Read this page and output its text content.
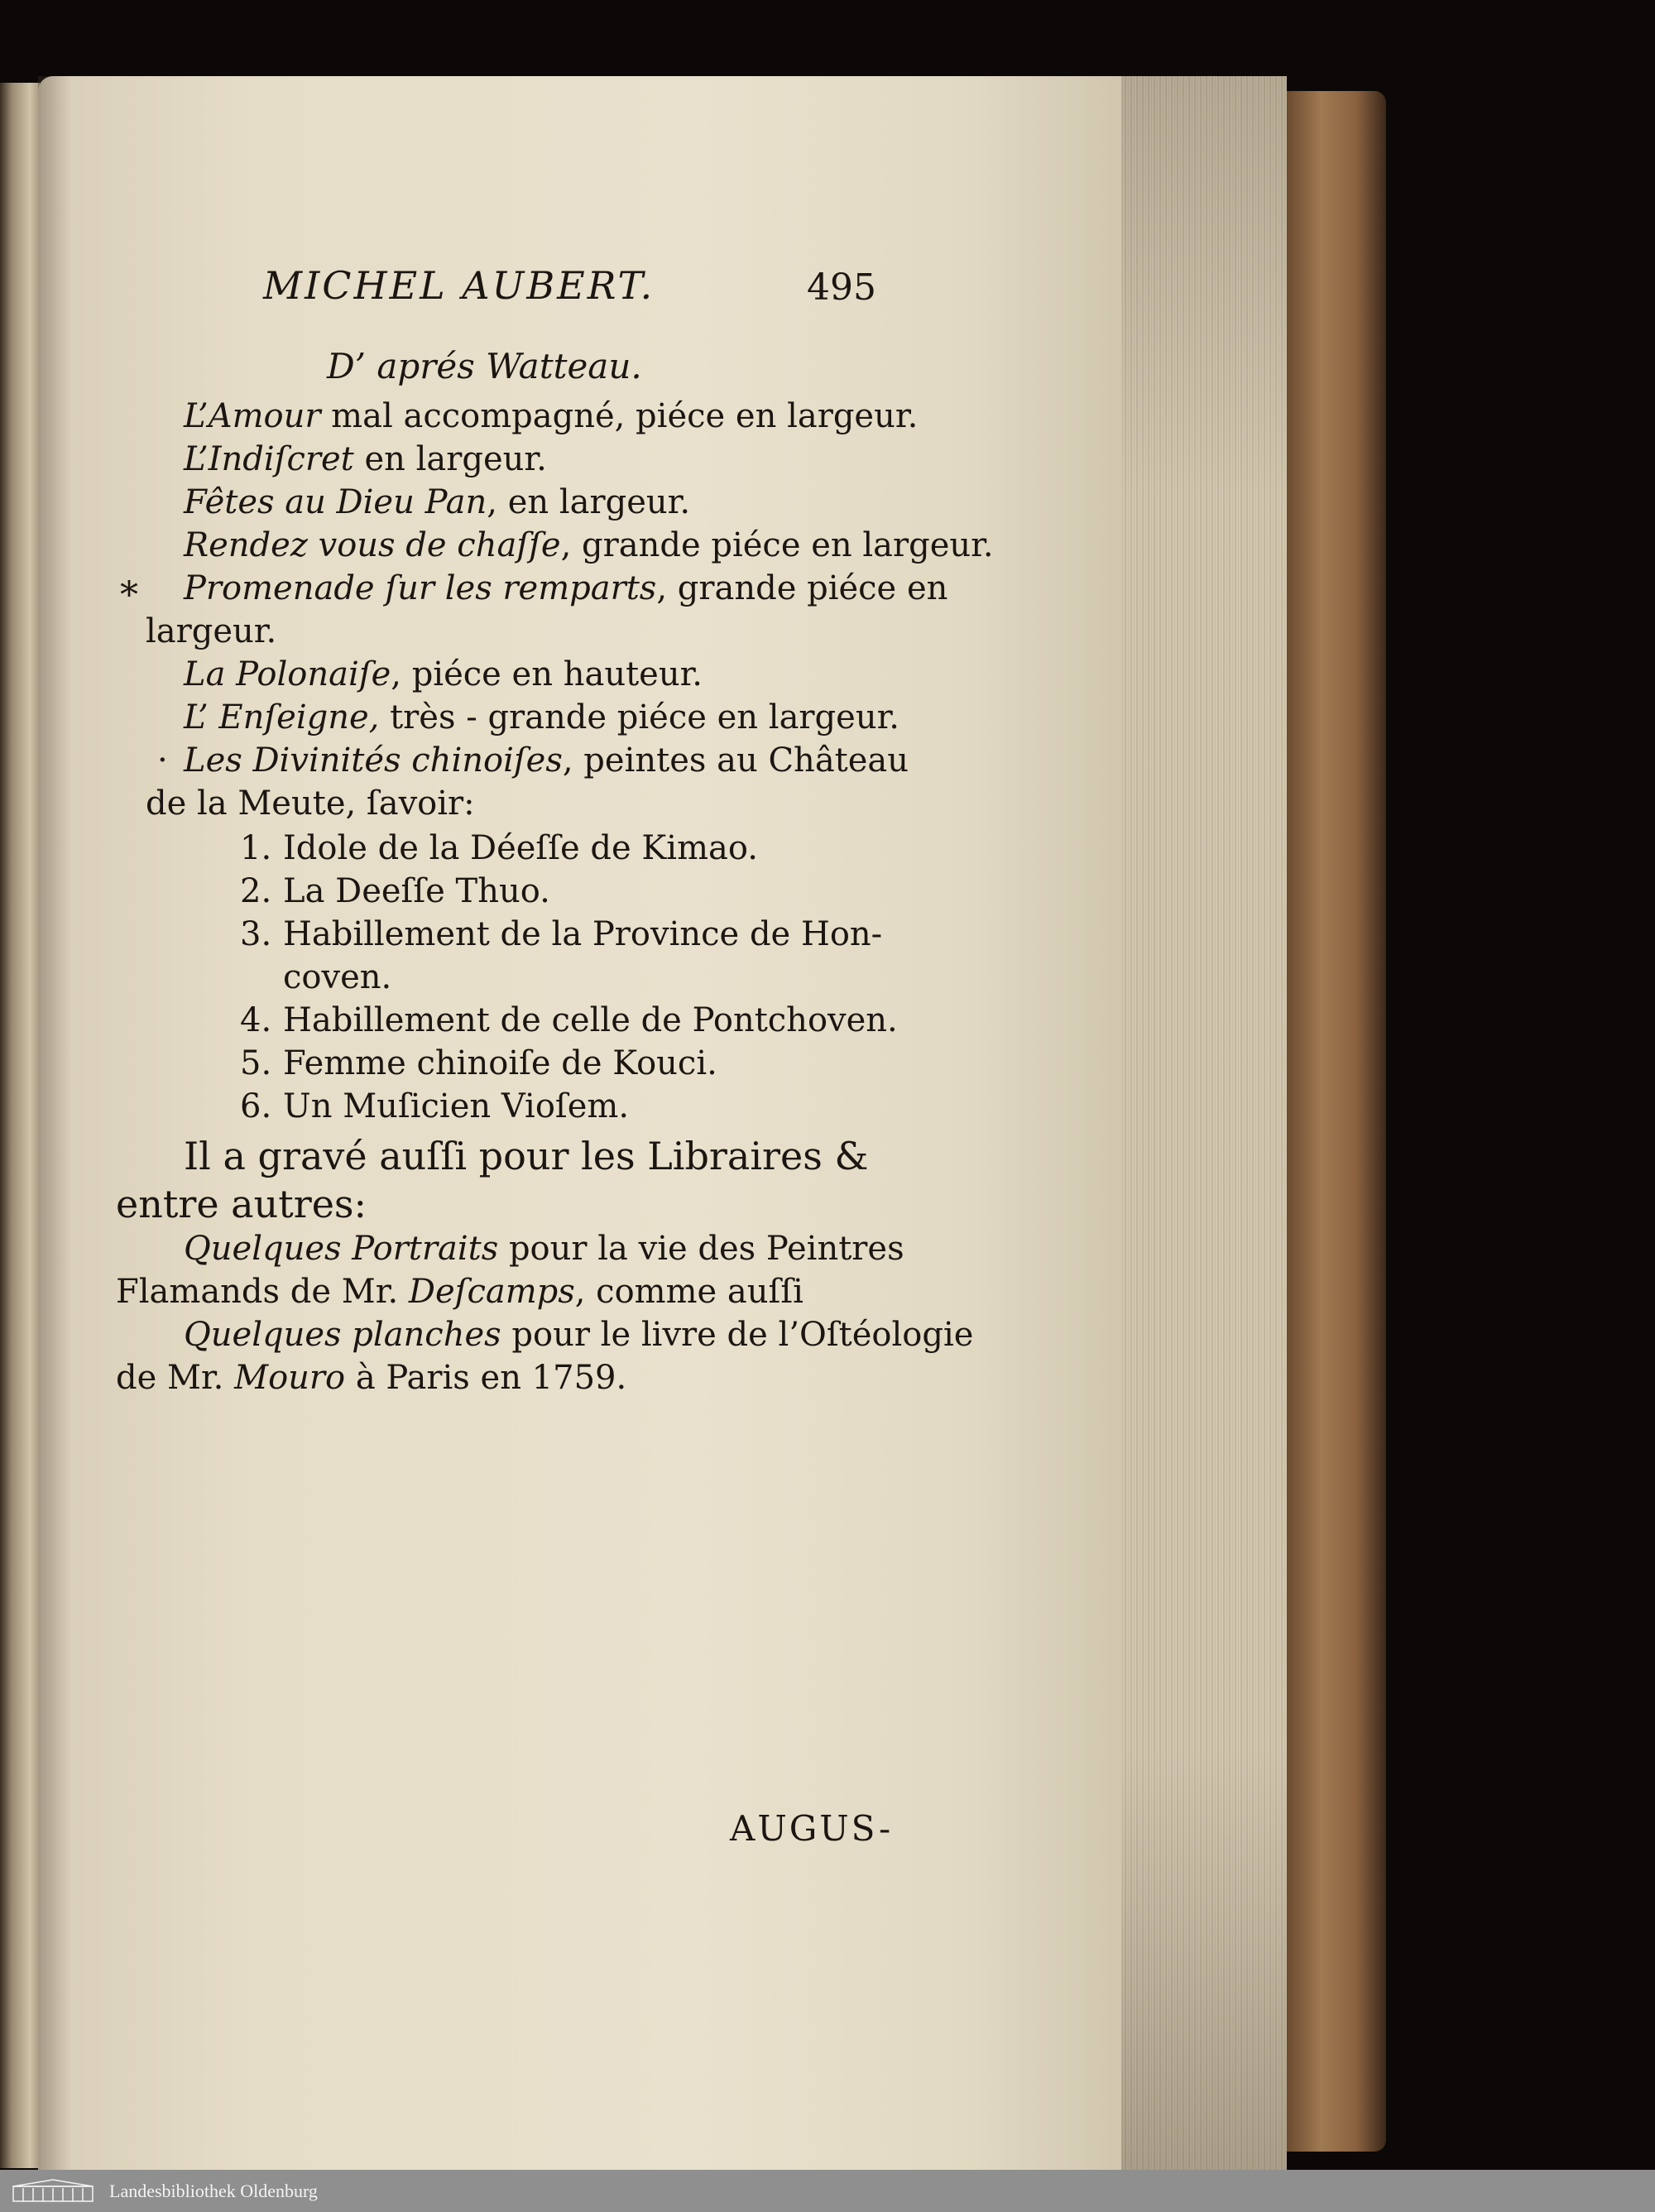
MICHEL AUBERT.	495
D’ aprés Watteau.
L’Amour mal accompagné, piéce en largeur.
L’Indiſcret en largeur.
Fêtes au Dieu Pan, en largeur.
Rendez vous de chaſſe, grande piéce en largeur.
* Promenade ſur les remparts, grande piéce en
largeur.
La Polonaiſe, piéce en hauteur.
L’ Enſeigne, très - grande piéce en largeur.
· Les Divinités chinoiſes, peintes au Château
de la Meute, ſavoir:
1. Idole de la Déeſſe de Kimao.
2. La Deeſſe Thuo.
3. Habillement de la Province de Hon-
coven.
4. Habillement de celle de Pontchoven.
5. Femme chinoiſe de Kouci.
6. Un Muſicien Vioſem.
Il a gravé auſſi pour les Libraires &
entre autres:
Quelques Portraits pour la vie des Peintres
Flamands de Mr. Deſcamps, comme auſſi
Quelques planches pour le livre de l’Oſtéologie
de Mr. Mouro à Paris en 1759.
AUGUS-
Landesbibliothek Oldenburg
